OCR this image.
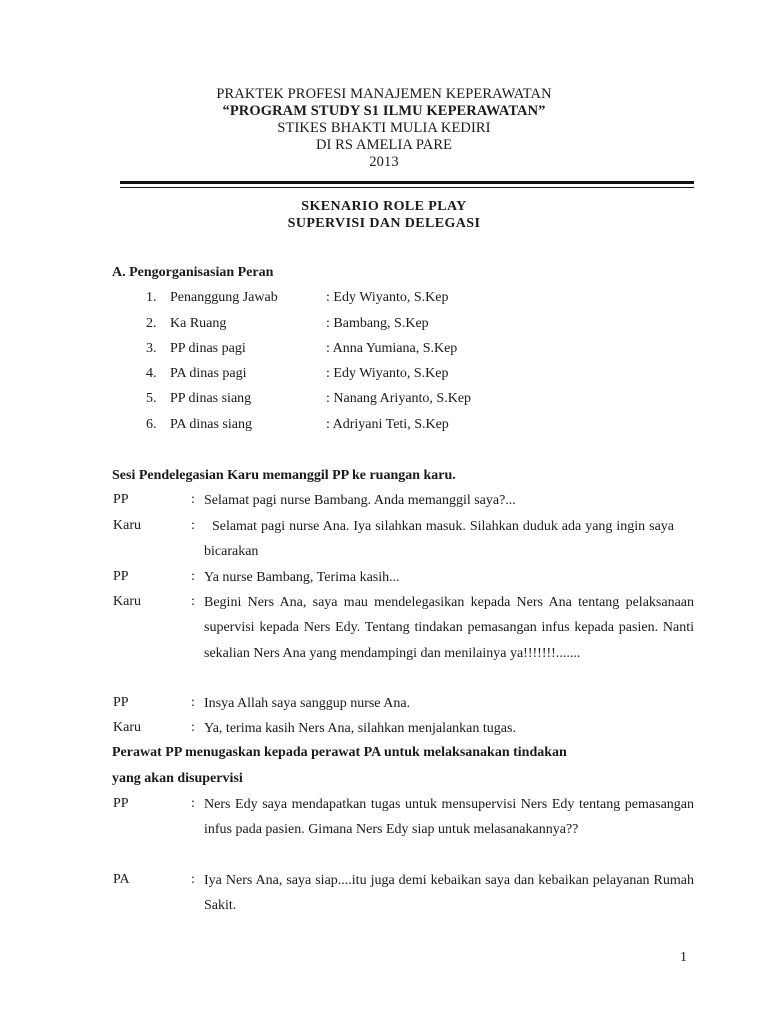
PRAKTEK PROFESI MANAJEMEN KEPERAWATAN
“PROGRAM STUDY S1 ILMU KEPERAWATAN”
STIKES BHAKTI MULIA KEDIRI
DI RS AMELIA PARE
2013
SKENARIO ROLE PLAY
SUPERVISI DAN DELEGASI
A. Pengorganisasian Peran
1. Penanggung Jawab	: Edy Wiyanto, S.Kep
2. Ka Ruang	: Bambang, S.Kep
3. PP dinas pagi	: Anna Yumiana, S.Kep
4. PA dinas pagi	: Edy Wiyanto, S.Kep
5. PP dinas siang	: Nanang Ariyanto, S.Kep
6. PA dinas siang	: Adriyani Teti, S.Kep
Sesi Pendelegasian Karu memanggil PP ke ruangan karu.
PP	: Selamat pagi nurse Bambang. Anda memanggil saya?...
Karu	: Selamat pagi nurse Ana. Iya silahkan masuk. Silahkan duduk ada yang ingin saya bicarakan
PP	: Ya nurse Bambang, Terima kasih...
Karu	: Begini Ners Ana, saya mau mendelegasikan kepada Ners Ana tentang pelaksanaan supervisi kepada Ners Edy. Tentang tindakan pemasangan infus kepada pasien. Nanti sekalian Ners Ana yang mendampingi dan menilainya ya!!!!!!!.......
PP	: Insya Allah saya sanggup nurse Ana.
Karu	: Ya, terima kasih Ners Ana, silahkan menjalankan tugas.
Perawat PP menugaskan kepada perawat PA untuk melaksanakan tindakan
yang akan disupervisi
PP	: Ners Edy saya mendapatkan tugas untuk mensupervisi Ners Edy tentang pemasangan infus pada pasien. Gimana Ners Edy siap untuk melasanakannya??
PA	: Iya Ners Ana, saya siap....itu juga demi kebaikan saya dan kebaikan pelayanan Rumah Sakit.
1
